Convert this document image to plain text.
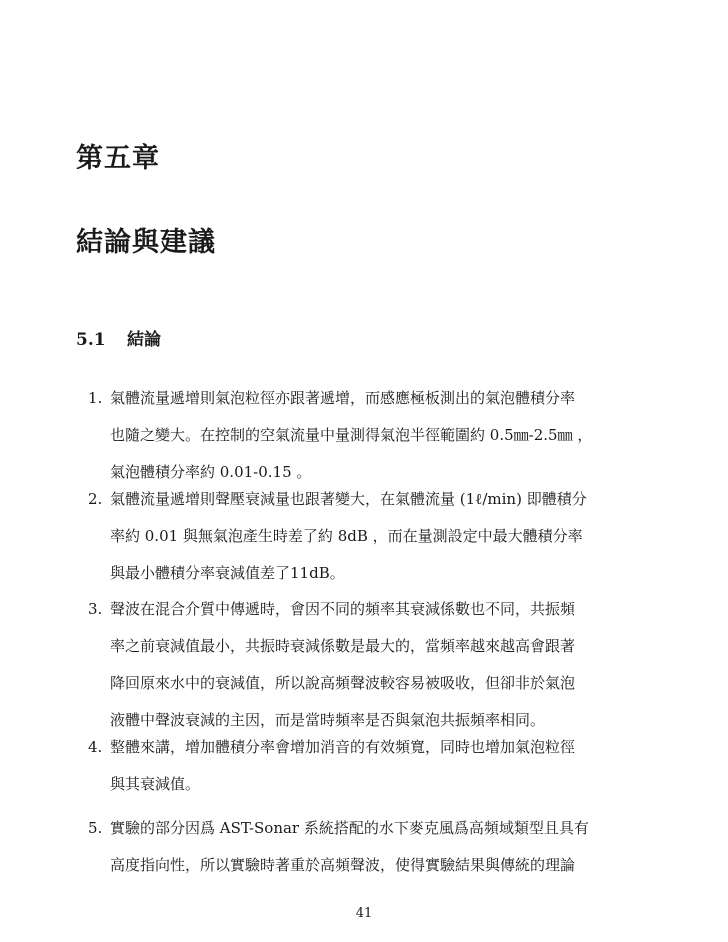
第五章
結論與建議
5.1 結論
1. 氣體流量遞增則氣泡粒徑亦跟著遞增，而感應極板測出的氣泡體積分率
也隨之變大。在控制的空氣流量中量測得氣泡半徑範圍約 0.5㎜-2.5㎜ ，
氣泡體積分率約 0.01-0.15 。
2. 氣體流量遞增則聲壓衰減量也跟著變大，在氣體流量 (1ℓ/min) 即體積分
率約 0.01 與無氣泡產生時差了約 8dB ，而在量測設定中最大體積分率
與最小體積分率衰減值差了11dB。
3. 聲波在混合介質中傳遞時，會因不同的頻率其衰減係數也不同，共振頻
率之前衰減值最小，共振時衰減係數是最大的，當頻率越來越高會跟著
降回原來水中的衰減值，所以說高頻聲波較容易被吸收，但卻非於氣泡
液體中聲波衰減的主因，而是當時頻率是否與氣泡共振頻率相同。
4. 整體來講，增加體積分率會增加消音的有效頻寬，同時也增加氣泡粒徑
與其衰減值。
5. 實驗的部分因爲 AST-Sonar 系統搭配的水下麥克風爲高頻域類型且具有
高度指向性，所以實驗時著重於高頻聲波，使得實驗結果與傳統的理論
41
